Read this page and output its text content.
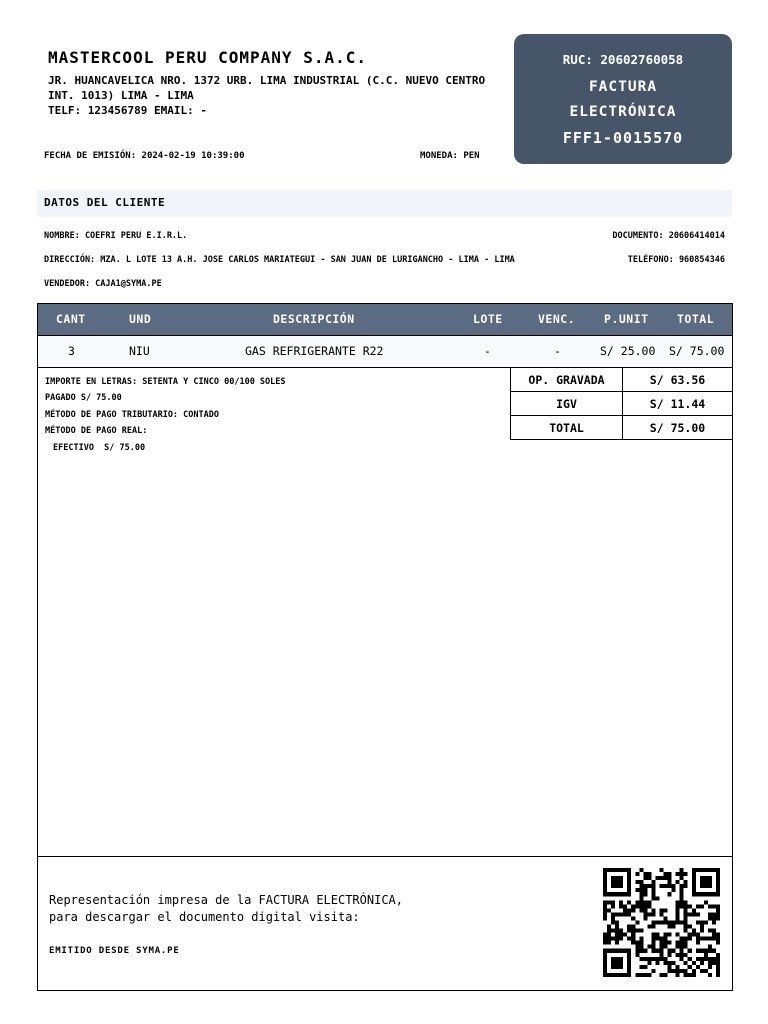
MASTERCOOL PERU COMPANY S.A.C.
JR. HUANCAVELICA NRO. 1372 URB. LIMA INDUSTRIAL (C.C. NUEVO CENTRO INT. 1013) LIMA - LIMA
TELF: 123456789 EMAIL: -
RUC: 20602760058
FACTURA
ELECTRÓNICA
FFF1-0015570
FECHA DE EMISIÓN: 2024-02-19 10:39:00	MONEDA: PEN
DATOS DEL CLIENTE
NOMBRE: COEFRI PERU E.I.R.L.	DOCUMENTO: 20606414014
DIRECCIÓN: MZA. L LOTE 13 A.H. JOSE CARLOS MARIATEGUI - SAN JUAN DE LURIGANCHO - LIMA - LIMA	TELÉFONO: 960854346
VENDEDOR: CAJA1@SYMA.PE
CANT	UND	DESCRIPCIÓN	LOTE	VENC.	P.UNIT TOTAL
3	NIU	GAS REFRIGERANTE R22	-	-	S/ 25.00 S/ 75.00
IMPORTE EN LETRAS: SETENTA Y CINCO 00/100 SOLES
PAGADO S/ 75.00
MÉTODO DE PAGO TRIBUTARIO: CONTADO
MÉTODO DE PAGO REAL:
EFECTIVO  S/ 75.00
OP. GRAVADA	S/ 63.56
IGV	S/ 11.44
TOTAL	S/ 75.00
Representación impresa de la FACTURA ELECTRÓNICA,
para descargar el documento digital visita:
EMITIDO DESDE SYMA.PE
